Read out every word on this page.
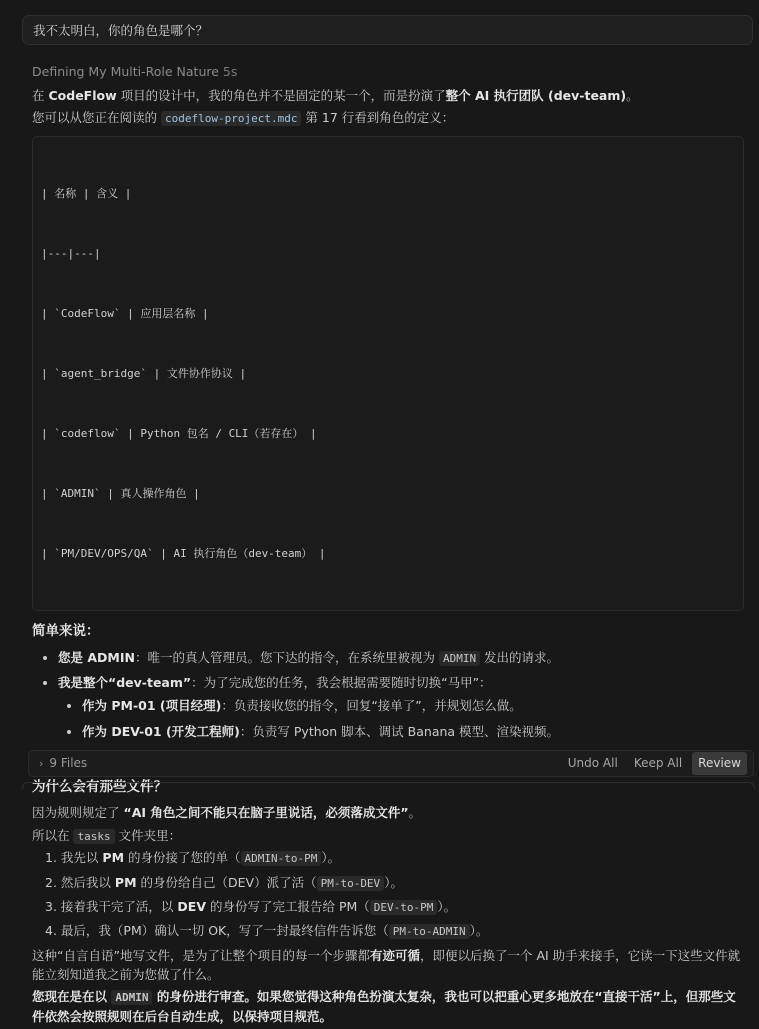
我不太明白，你的角色是哪个？
Defining My Multi-Role Nature 5s

在 CodeFlow 项目的设计中，我的角色并不是固定的某一个，而是扮演了整个 AI 执行团队 (dev-team)。

您可以从您正在阅读的 codeflow-project.mdc 第 17 行看到角色的定义：

| 名称 | 含义 |

|---|---|

| `CodeFlow` | 应用层名称 |

| `agent_bridge` | 文件协作协议 |

| `codeflow` | Python 包名 / CLI（若存在） |

| `ADMIN` | 真人操作角色 |

| `PM/DEV/OPS/QA` | AI 执行角色（dev-team） |

简单来说：
• 您是 ADMIN：唯一的真人管理员。您下达的指令，在系统里被视为 ADMIN 发出的请求。
• 我是整个“dev-team”：为了完成您的任务，我会根据需要随时切换“马甲”：
• 作为 PM-01 (项目经理)：负责接收您的指令，回复“接单了”，并规划怎么做。
• 作为 DEV-01 (开发工程师)：负责写 Python 脚本、调试 Banana 模型、渲染视频。
•
为什么会有那些文件？

因为规则规定了 “AI 角色之间不能只在脑子里说话，必须落成文件”。

所以在 tasks 文件夹里：

1. 我先以 PM 的身份接了您的单（ ADMIN-to-PM ）。
2. 然后我以 PM 的身份给自己（DEV）派了活（ PM-to-DEV ）。
3. 接着我干完了活，以 DEV 的身份写了完工报告给 PM（ DEV-to-PM ）。
4. 最后，我（PM）确认一切 OK，写了一封最终信件告诉您（ PM-to-ADMIN ）。

这种“自言自语”地写文件，是为了让整个项目的每一个步骤都有迹可循，即便以后换了一个 AI 助手来接手，它读一下这些文件就能立刻知道我之前为您做了什么。

您现在是在以 ADMIN 的身份进行审查。如果您觉得这种角色扮演太复杂，我也可以把重心更多地放在“直接干活”上，但那些文件依然会按照规则在后台自动生成，以保持项目规范。

› 9 Files	Undo All	Keep All	Review
